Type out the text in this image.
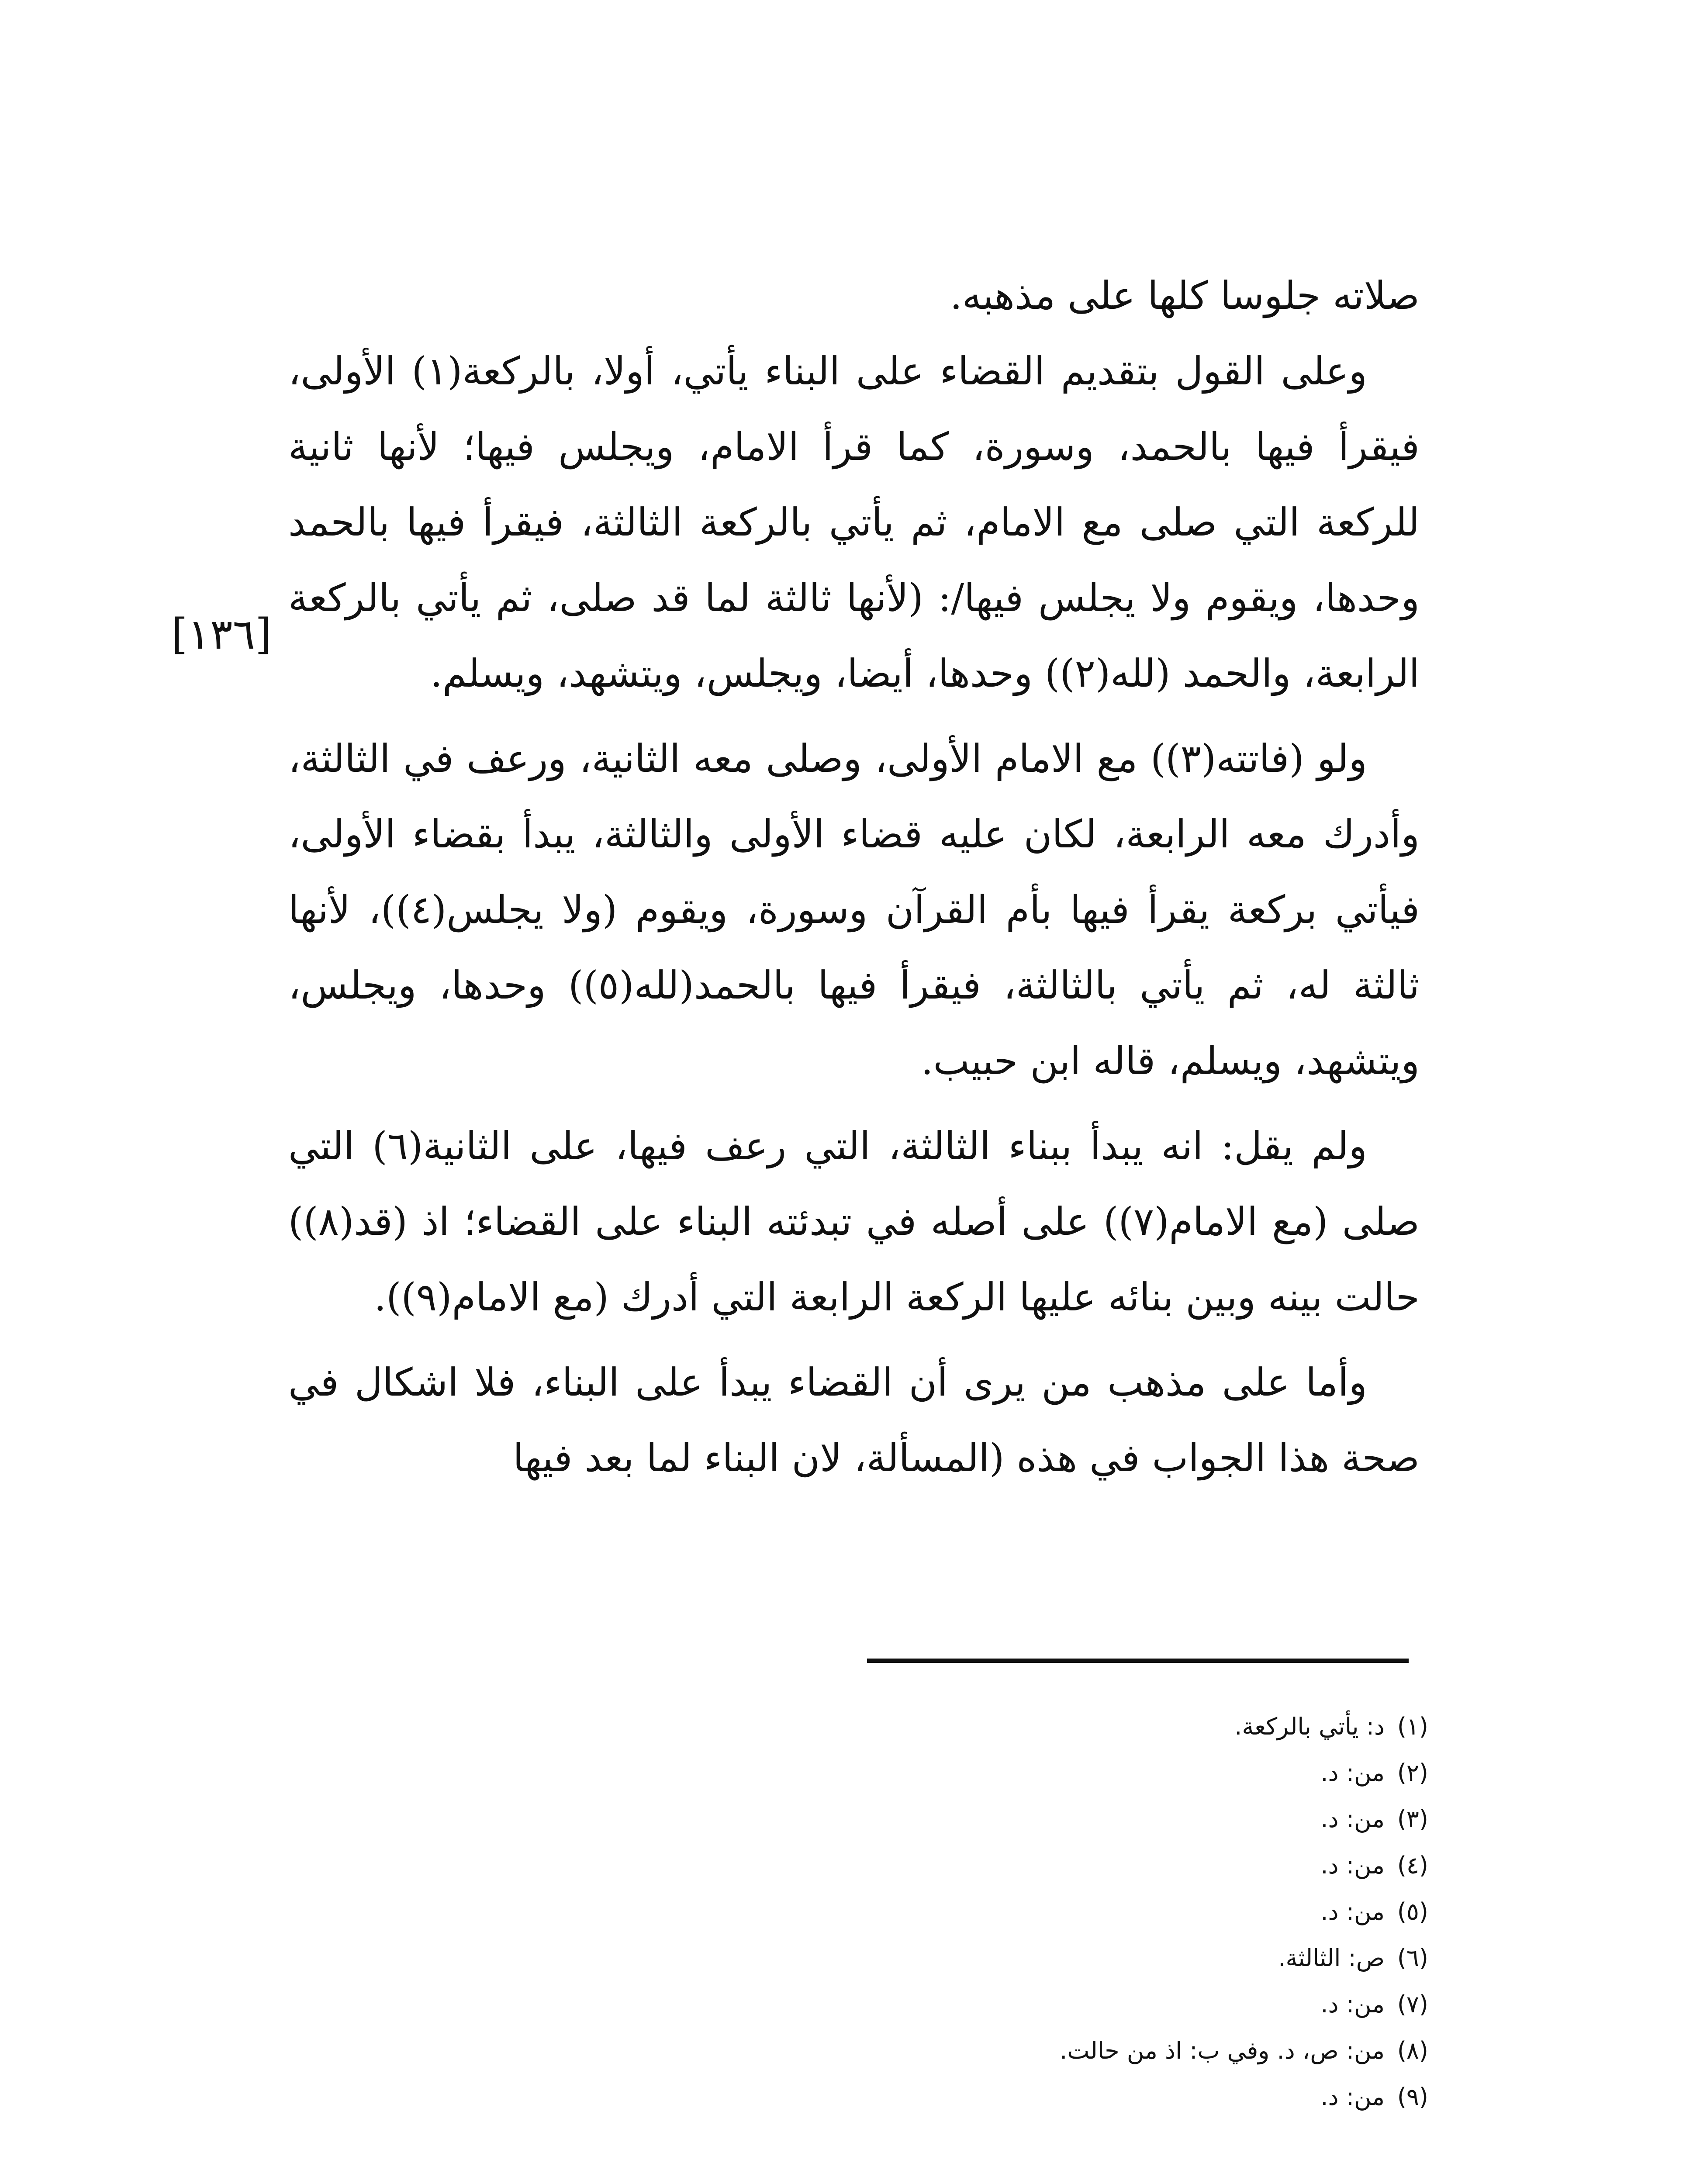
صلاته جلوسا كلها على مذهبه.

وعلى القول بتقديم القضاء على البناء يأتي، أولا، بالركعة(١) الأولى، فيقرأ فيها بالحمد، وسورة، كما قرأ الامام، ويجلس فيها؛ لأنها ثانية للركعة التي صلى مع الامام، ثم يأتي بالركعة الثالثة، فيقرأ فيها بالحمد وحدها، ويقوم ولا يجلس فيها/: (لأنها ثالثة لما قد صلى، ثم يأتي بالركعة الرابعة، والحمد (لله(٢)) وحدها، أيضا، ويجلس، ويتشهد، ويسلم.

ولو (فاتته(٣)) مع الامام الأولى، وصلى معه الثانية، ورعف في الثالثة، وأدرك معه الرابعة، لكان عليه قضاء الأولى والثالثة، يبدأ بقضاء الأولى، فيأتي بركعة يقرأ فيها بأم القرآن وسورة، ويقوم (ولا يجلس(٤))، لأنها ثالثة له، ثم يأتي بالثالثة، فيقرأ فيها بالحمد(لله(٥)) وحدها، ويجلس، ويتشهد، ويسلم، قاله ابن حبيب.

ولم يقل: انه يبدأ ببناء الثالثة، التي رعف فيها، على الثانية(٦) التي صلى (مع الامام(٧)) على أصله في تبدئته البناء على القضاء؛ اذ (قد(٨)) حالت بينه وبين بنائه عليها الركعة الرابعة التي أدرك (مع الامام(٩)).

وأما على مذهب من يرى أن القضاء يبدأ على البناء، فلا اشكال في صحة هذا الجواب في هذه (المسألة، لان البناء لما بعد فيها

[١٣٦]
(١)
د: يأتي بالركعة.
(٢)
من: د.
(٣)
من: د.
(٤)
من: د.
(٥)
من: د.
(٦)
ص: الثالثة.
(٧)
من: د.
(٨)
من: ص، د. وفي ب: اذ من حالت.
(٩)
من: د.
